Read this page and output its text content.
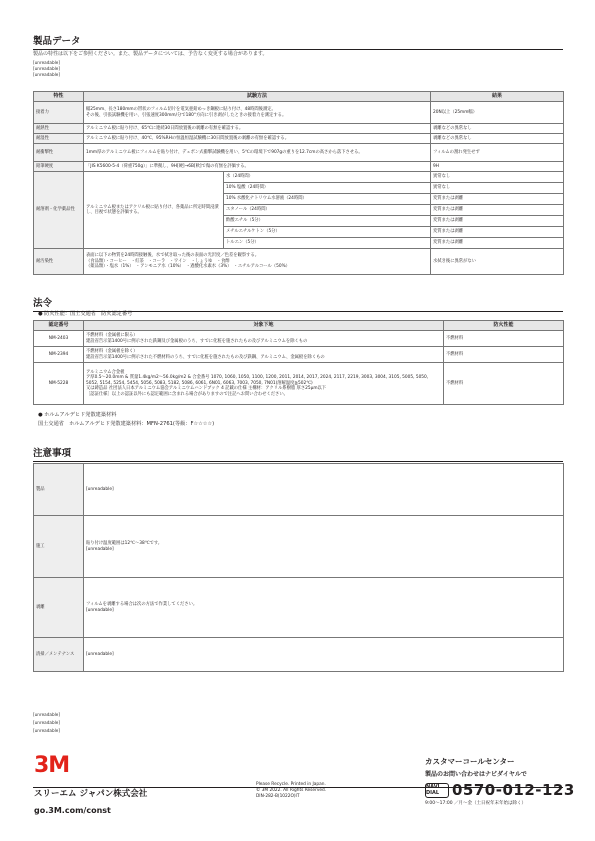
製品データ
製品の特性は以下をご参照ください。また、製品データについては、予告なく変更する場合があります。
[unreadable]
[unreadable]
[unreadable]
特性	試験方法		結果
接着力	幅25mm、長さ180mmの帯状のフィルム切片を電気亜鉛めっき鋼板に貼り付け、48時間後測定。
その後、引張試験機を用い、引張速度300mm/分で180°方向に引き剥がしたときの接着力を測定する。		20N以上（25mm幅）
耐熱性	アルミニウム板に貼り付け、65℃に連続30日間放置後の剥離の有無を確認する。		剥離などの異常なし
耐湿性	アルミニウム板に貼り付け、40℃、95%RHの恒温恒湿試験機に30日間放置後の剥離の有無を確認する。		剥離などの異常なし
耐衝撃性	1mm厚のアルミニウム板にフィルムを貼り付け、デュポン式衝撃試験機を用い、5℃の環境下で907gの重りを12.7cmの高さから落下させる。		フィルムの割れ発生せず
鉛筆硬度	「JIS K5600-5-4（荷重750g）」に準拠し、9H[硬]→6B[軟]で傷の有無を評価する。		9H
耐溶剤・化学薬品性	アルミニウム板またはアクリル板に貼り付け、各薬品に所定時間浸漬し、目視で状態を評価する。	水（24時間）	異常なし
		10% 塩酸（24時間）	異常なし
		10% 水酸化ナトリウム水溶液（24時間）	変質または剥離
		エタノール（24時間）	変質または剥離
		酢酸エチル（5分）	変質または剥離
		メチルエチルケトン（5分）	変質または剥離
		トルエン（5分）	変質または剥離
耐汚染性	表面に以下の物質を24時間接触後、水で拭き取った後の表面の光沢度／色差を観察する。
（食品類）・コーヒー　・紅茶　・コーラ　・ワイン　・しょうゆ　・食酢
（薬品類）・塩水（1%）　・アンモニア水（10%）　・過酸化水素水（3%）　・エチルアルコール（50%）		水拭き後に異常がない
法令
● 防火性能：国土交通省　防火認定番号
認定番号	対象下地	防火性能
NM-2403	不燃材料（金属板に限る）
建設省告示第1400号に例示された鉄鋼及び金属板のうち、すでに化粧を施されたもの及びアルミニウムを除くもの	不燃材料
NM-2394	不燃材料（金属板を除く）
建設省告示第1400号に例示された不燃材料のうち、すでに化粧を施されたもの及び鉄鋼、アルミニウム、金属板を除くもの	不燃材料
NM-5228	アルミニウム合金板
ア厚0.5〜20.0mm & 質量1.4kg/m2〜56.0kg/m2 & 合金番号 1070, 1060, 1050, 1100, 1200, 2011, 2014, 2017, 2024, 2117, 2219, 3003, 3004, 3105, 5005, 5050, 5052, 5154, 5254, 5454, 5056, 5083, 5182, 5086, 6061, 6N01, 6063, 7003, 7050, 7N01(溶解温度≧502℃)
又は鋳造品 社団法人日本アルミニウム協会アルミニウムハンドブック 4 記載の仕様 主構材：アクリル系樹脂 厚さ25μm以下
［認証仕様］以上の認証以外にも認定範囲に含まれる場合がありますので注記へお問い合わせください。	不燃材料
● ホルムアルデヒド発散建築材料
国土交通省　ホルムアルデヒド発散建築材料：MFN-2761(等級：F☆☆☆☆)
注意事項
製品	[unreadable]
施工	貼り付け温度範囲は12℃～38℃です。
[unreadable]
剥離	フィルムを剥離する場合は次の方法で作業してください。
[unreadable]
清掃／メンテナンス	[unreadable]
[unreadable]
[unreadable]
[unreadable]
3M
スリーエム ジャパン株式会社
go.3M.com/const
Please Recycle. Printed in Japan.
© 3M 2022. All Rights Reserved.
DIN-282-B(1022O)IT
カスタマーコールセンター
製品のお問い合わせはナビダイヤルで
NAVI DIAL 0570-012-123
9:00～17:00 ／月～金（土日祝年末年始は除く）
